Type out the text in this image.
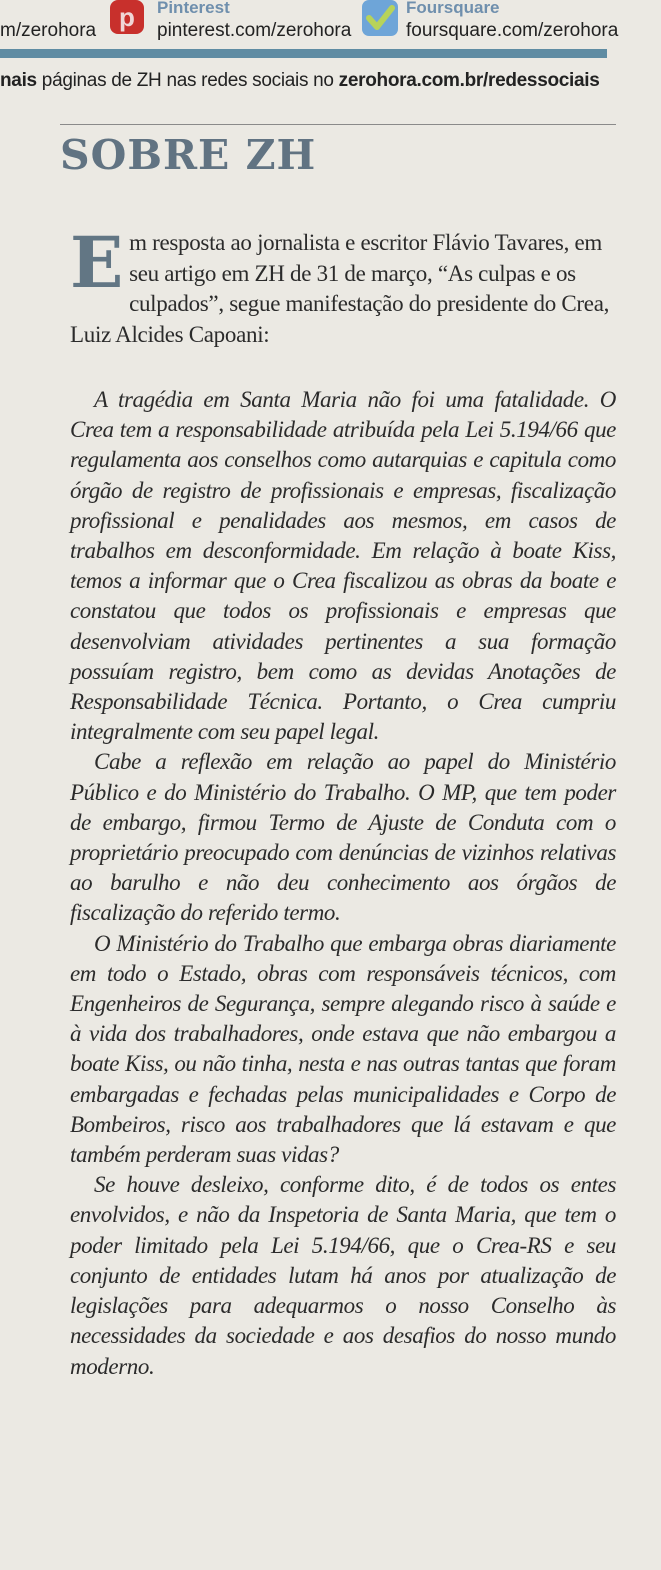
m/zerohora p	Pinterest
pinterest.com/zerohora
Foursquare
foursquare.com/zerohora
nais páginas de ZH nas redes sociais no zerohora.com.br/redessociais
SOBRE ZH

Em resposta ao jornalista e escritor Flávio Tavares, em seu artigo em ZH de 31 de março, “As culpas e os culpados”, segue manifestação do presidente do Crea, Luiz Alcides Capoani:

A tragédia em Santa Maria não foi uma fatalidade. O Crea tem a responsabilidade atribuída pela Lei 5.194/66 que regulamenta aos conselhos como autarquias e capitula como órgão de registro de profissionais e empresas, fiscalização profissional e penalidades aos mesmos, em casos de trabalhos em desconformidade. Em relação à boate Kiss, temos a informar que o Crea fiscalizou as obras da boate e constatou que todos os profissionais e empresas que desenvolviam atividades pertinentes a sua formação possuíam registro, bem como as devidas Anotações de Responsabilidade Técnica. Portanto, o Crea cumpriu integralmente com seu papel legal.

Cabe a reflexão em relação ao papel do Ministério Público e do Ministério do Trabalho. O MP, que tem poder de embargo, firmou Termo de Ajuste de Conduta com o proprietário preocupado com denúncias de vizinhos relativas ao barulho e não deu conhecimento aos órgãos de fiscalização do referido termo.

O Ministério do Trabalho que embarga obras diariamente em todo o Estado, obras com responsáveis técnicos, com Engenheiros de Segurança, sempre alegando risco à saúde e à vida dos trabalhadores, onde estava que não embargou a boate Kiss, ou não tinha, nesta e nas outras tantas que foram embargadas e fechadas pelas municipalidades e Corpo de Bombeiros, risco aos trabalhadores que lá estavam e que também perderam suas vidas?

Se houve desleixo, conforme dito, é de todos os entes envolvidos, e não da Inspetoria de Santa Maria, que tem o poder limitado pela Lei 5.194/66, que o Crea-RS e seu conjunto de entidades lutam há anos por atualização de legislações para adequarmos o nosso Conselho às necessidades da sociedade e aos desafios do nosso mundo moderno.
